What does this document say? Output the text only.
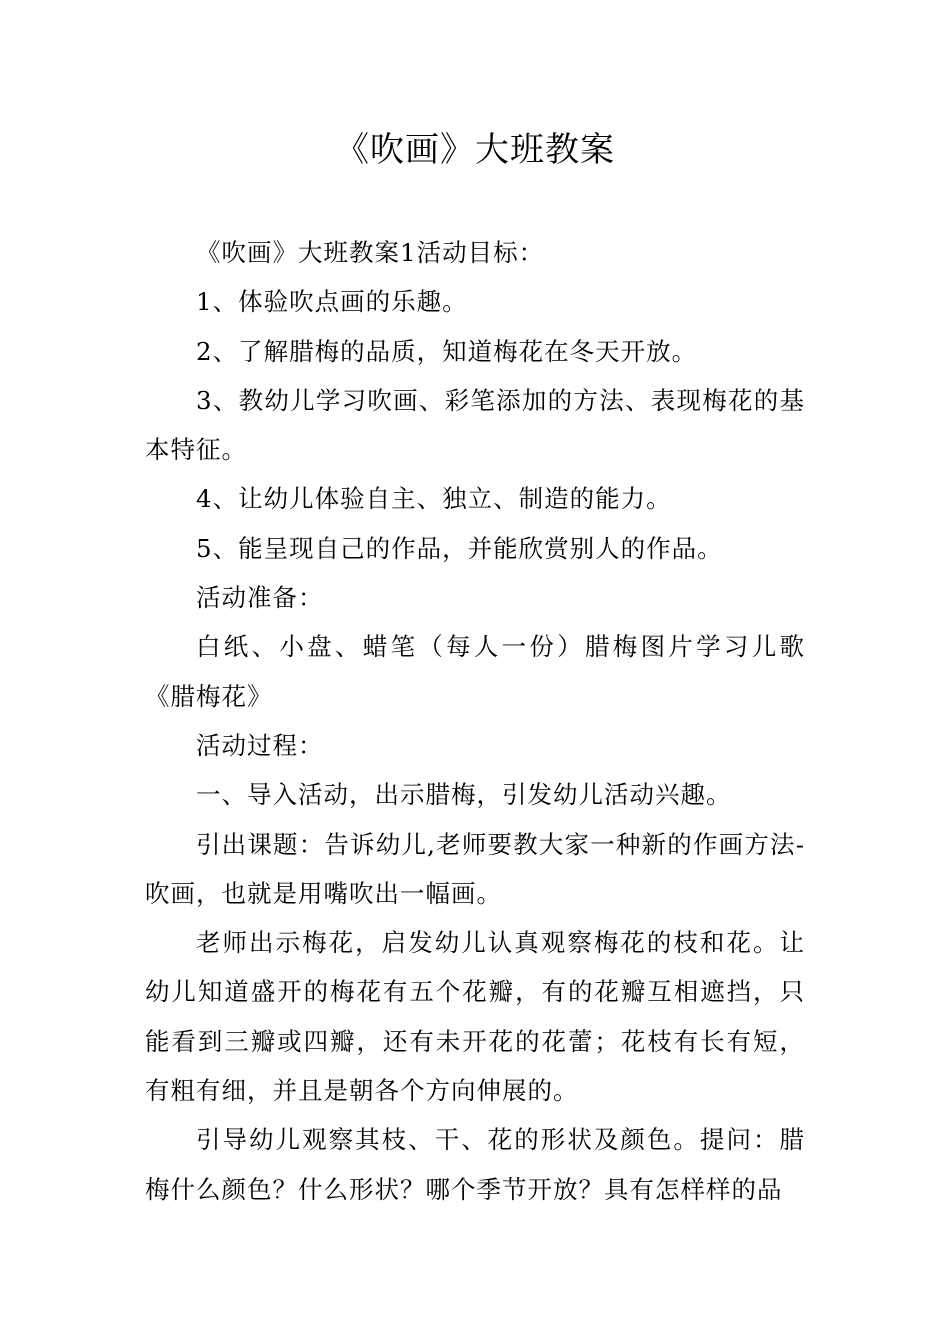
《吹画》大班教案

《吹画》大班教案1活动目标：

1、体验吹点画的乐趣。

2、了解腊梅的品质，知道梅花在冬天开放。

3、教幼儿学习吹画、彩笔添加的方法、表现梅花的基本特征。

4、让幼儿体验自主、独立、制造的能力。

5、能呈现自己的作品，并能欣赏别人的作品。

活动准备：

白纸、小盘、蜡笔（每人一份）腊梅图片学习儿歌《腊梅花》

活动过程：

一、导入活动，出示腊梅，引发幼儿活动兴趣。

引出课题：告诉幼儿,老师要教大家一种新的作画方法-吹画，也就是用嘴吹出一幅画。

老师出示梅花，启发幼儿认真观察梅花的枝和花。让幼儿知道盛开的梅花有五个花瓣，有的花瓣互相遮挡，只能看到三瓣或四瓣，还有未开花的花蕾；花枝有长有短，有粗有细，并且是朝各个方向伸展的。

引导幼儿观察其枝、干、花的形状及颜色。提问：腊梅什么颜色？什么形状？哪个季节开放？具有怎样样的品
